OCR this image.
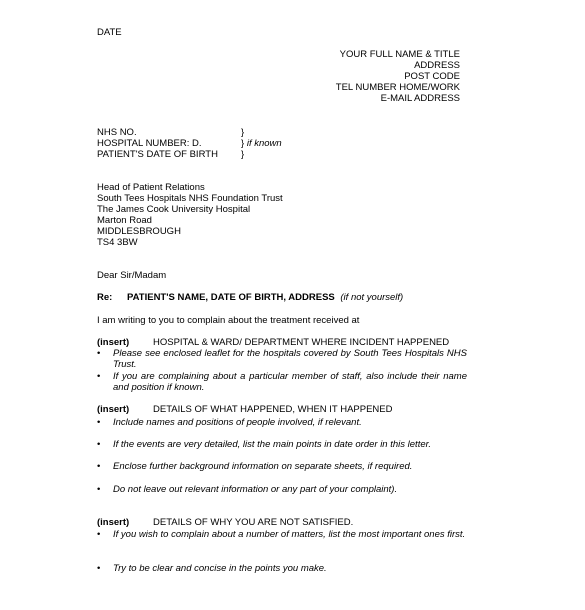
DATE
YOUR FULL NAME & TITLE
ADDRESS
POST CODE
TEL NUMBER HOME/WORK
E-MAIL ADDRESS
NHS NO.	}
HOSPITAL NUMBER: D.	} if known
PATIENT'S DATE OF BIRTH }
Head of Patient Relations
South Tees Hospitals NHS Foundation Trust
The James Cook University Hospital
Marton Road
MIDDLESBROUGH
TS4 3BW
Dear Sir/Madam
Re: PATIENT'S NAME, DATE OF BIRTH, ADDRESS (if not yourself)
I am writing to you to complain about the treatment received at
(insert)	HOSPITAL & WARD/ DEPARTMENT WHERE INCIDENT HAPPENED
• Please see enclosed leaflet for the hospitals covered by South Tees Hospitals NHS Trust.
• If you are complaining about a particular member of staff, also include their name and position if known.
(insert)	DETAILS OF WHAT HAPPENED, WHEN IT HAPPENED
• Include names and positions of people involved, if relevant.
• If the events are very detailed, list the main points in date order in this letter.
• Enclose further background information on separate sheets, if required.
• Do not leave out relevant information or any part of your complaint).
(insert)	DETAILS OF WHY YOU ARE NOT SATISFIED.
• If you wish to complain about a number of matters, list the most important ones first.
• Try to be clear and concise in the points you make.
